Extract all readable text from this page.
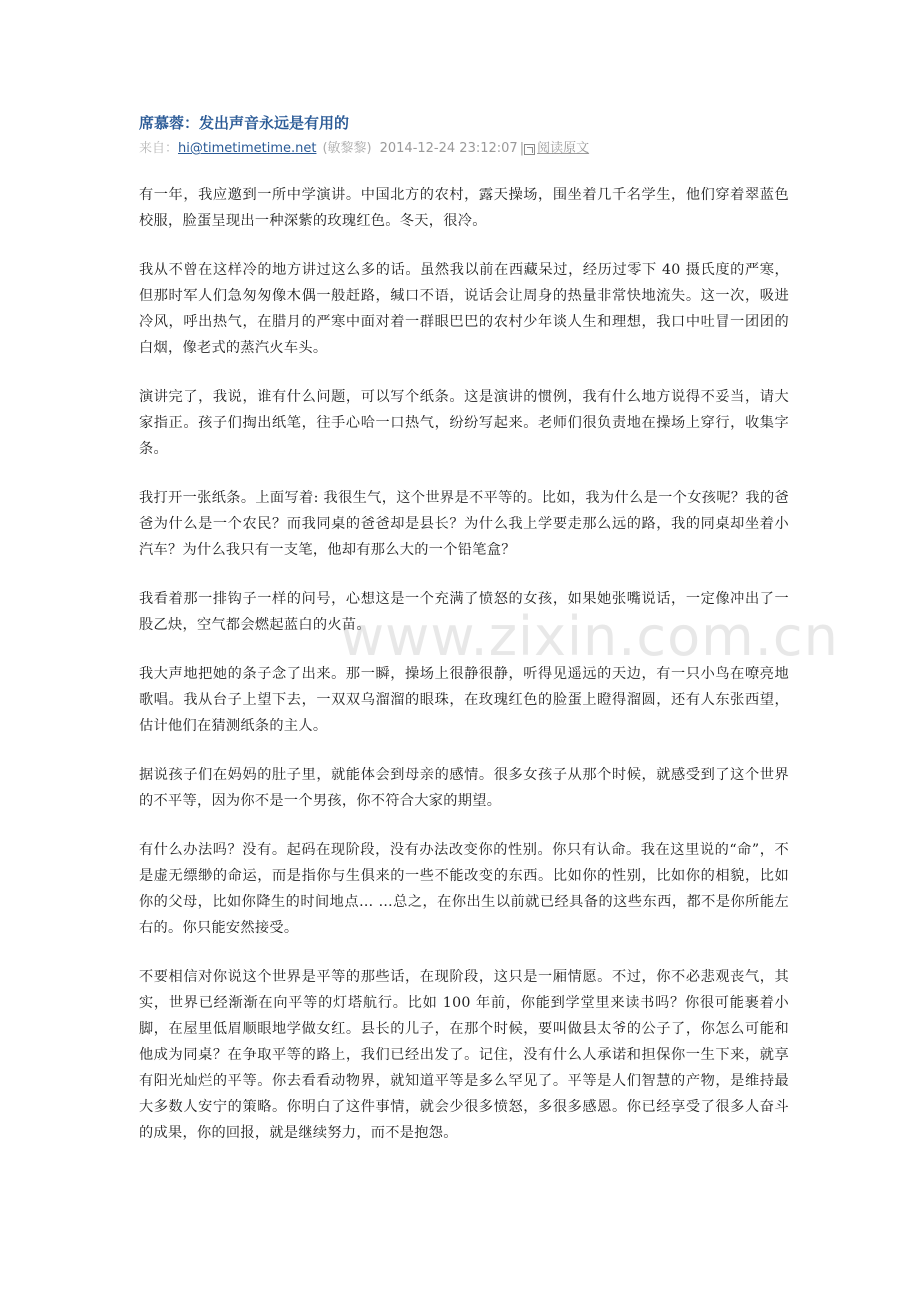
席慕蓉：发出声音永远是有用的
来自： hi@timetimetime.net (敏黎黎) 2014-12-24 23:12:07 | 阅读原文

有一年，我应邀到一所中学演讲。中国北方的农村，露天操场，围坐着几千名学生，他们穿着翠蓝色校服，脸蛋呈现出一种深紫的玫瑰红色。冬天，很冷。

我从不曾在这样冷的地方讲过这么多的话。虽然我以前在西藏呆过，经历过零下 40 摄氏度的严寒，但那时军人们急匆匆像木偶一般赶路，缄口不语，说话会让周身的热量非常快地流失。这一次，吸进冷风，呼出热气，在腊月的严寒中面对着一群眼巴巴的农村少年谈人生和理想，我口中吐冒一团团的白烟，像老式的蒸汽火车头。

演讲完了，我说，谁有什么问题，可以写个纸条。这是演讲的惯例，我有什么地方说得不妥当，请大家指正。孩子们掏出纸笔，往手心哈一口热气，纷纷写起来。老师们很负责地在操场上穿行，收集字条。

我打开一张纸条。上面写着: 我很生气，这个世界是不平等的。比如，我为什么是一个女孩呢？我的爸爸为什么是一个农民？而我同桌的爸爸却是县长？为什么我上学要走那么远的路，我的同桌却坐着小汽车？为什么我只有一支笔，他却有那么大的一个铅笔盒？

我看着那一排钩子一样的问号，心想这是一个充满了愤怒的女孩，如果她张嘴说话，一定像冲出了一股乙炔，空气都会燃起蓝白的火苗。

我大声地把她的条子念了出来。那一瞬，操场上很静很静，听得见遥远的天边，有一只小鸟在嘹亮地歌唱。我从台子上望下去，一双双乌溜溜的眼珠，在玫瑰红色的脸蛋上瞪得溜圆，还有人东张西望，估计他们在猜测纸条的主人。

据说孩子们在妈妈的肚子里，就能体会到母亲的感情。很多女孩子从那个时候，就感受到了这个世界的不平等，因为你不是一个男孩，你不符合大家的期望。

有什么办法吗？没有。起码在现阶段，没有办法改变你的性别。你只有认命。我在这里说的“命”，不是虚无缥缈的命运，而是指你与生俱来的一些不能改变的东西。比如你的性别，比如你的相貌，比如你的父母，比如你降生的时间地点… …总之，在你出生以前就已经具备的这些东西，都不是你所能左右的。你只能安然接受。

不要相信对你说这个世界是平等的那些话，在现阶段，这只是一厢情愿。不过，你不必悲观丧气，其实，世界已经渐渐在向平等的灯塔航行。比如 100 年前，你能到学堂里来读书吗？你很可能裹着小脚，在屋里低眉顺眼地学做女红。县长的儿子，在那个时候，要叫做县太爷的公子了，你怎么可能和他成为同桌？在争取平等的路上，我们已经出发了。记住，没有什么人承诺和担保你一生下来，就享有阳光灿烂的平等。你去看看动物界，就知道平等是多么罕见了。平等是人们智慧的产物，是维持最大多数人安宁的策略。你明白了这件事情，就会少很多愤怒，多很多感恩。你已经享受了很多人奋斗的成果，你的回报，就是继续努力，而不是抱怨。

www.zixin.com.cn
